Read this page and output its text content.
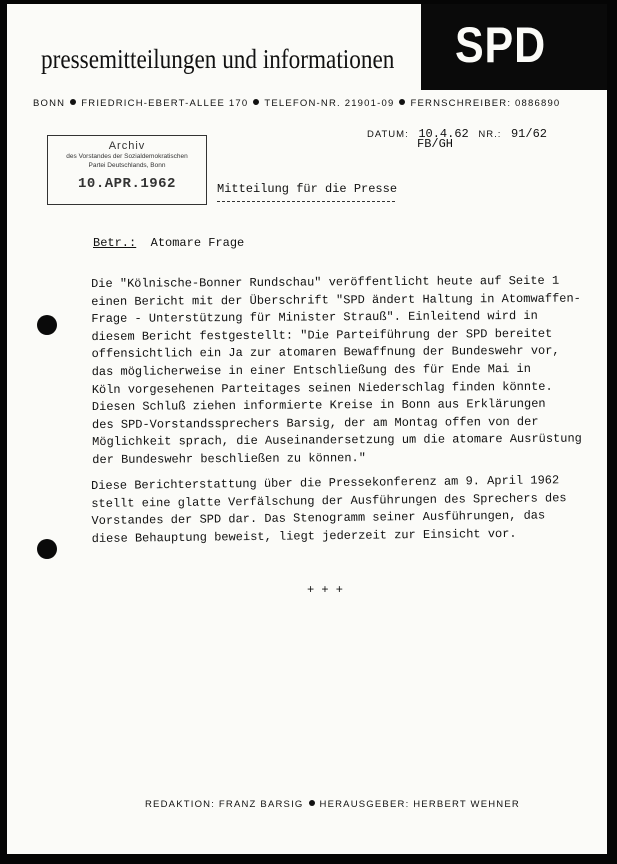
SPD
pressemitteilungen und informationen
BONN FRIEDRICH-EBERT-ALLEE 170 TELEFON-NR. 21901-09 FERNSCHREIBER: 0886890
Archiv
des Vorstandes der Sozialdemokratischen
Partei Deutschlands, Bonn
10.APR.1962
DATUM: 10.4.62 NR.: 91/62
FB/GH
Mitteilung für die Presse
Betr.: Atomare Frage
Die "Kölnische-Bonner Rundschau" veröffentlicht heute auf Seite 1
einen Bericht mit der Überschrift "SPD ändert Haltung in Atomwaffen-
Frage - Unterstützung für Minister Strauß". Einleitend wird in
diesem Bericht festgestellt: "Die Parteiführung der SPD bereitet
offensichtlich ein Ja zur atomaren Bewaffnung der Bundeswehr vor,
das möglicherweise in einer Entschließung des für Ende Mai in
Köln vorgesehenen Parteitages seinen Niederschlag finden könnte.
Diesen Schluß ziehen informierte Kreise in Bonn aus Erklärungen
des SPD-Vorstandssprechers Barsig, der am Montag offen von der
Möglichkeit sprach, die Auseinandersetzung um die atomare Ausrüstung
der Bundeswehr beschließen zu können."
Diese Berichterstattung über die Pressekonferenz am 9. April 1962
stellt eine glatte Verfälschung der Ausführungen des Sprechers des
Vorstandes der SPD dar. Das Stenogramm seiner Ausführungen, das
diese Behauptung beweist, liegt jederzeit zur Einsicht vor.
+ + +
REDAKTION: FRANZ BARSIG HERAUSGEBER: HERBERT WEHNER
